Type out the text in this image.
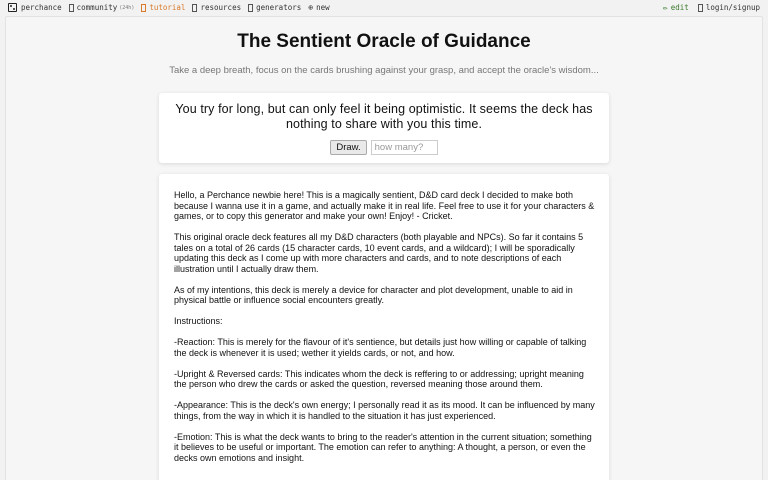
perchance community (24h) tutorial resources generators ⊕ new	✏ edit login/signup
The Sentient Oracle of Guidance
Take a deep breath, focus on the cards brushing against your grasp, and accept the oracle's wisdom...
You try for long, but can only feel it being optimistic. It seems the deck has nothing to share with you this time.
Draw.
how many?

Hello, a Perchance newbie here! This is a magically sentient, D&D card deck I decided to make both because I wanna use it in a game, and actually make it in real life. Feel free to use it for your characters & games, or to copy this generator and make your own! Enjoy! - Cricket.

This original oracle deck features all my D&D characters (both playable and NPCs). So far it contains 5 tales on a total of 26 cards (15 character cards, 10 event cards, and a wildcard); I will be sporadically updating this deck as I come up with more characters and cards, and to note descriptions of each illustration until I actually draw them.

As of my intentions, this deck is merely a device for character and plot development, unable to aid in physical battle or influence social encounters greatly.

Instructions:

-Reaction: This is merely for the flavour of it's sentience, but details just how willing or capable of talking the deck is whenever it is used; wether it yields cards, or not, and how.

-Upright & Reversed cards: This indicates whom the deck is reffering to or addressing; upright meaning the person who drew the cards or asked the question, reversed meaning those around them.

-Appearance: This is the deck's own energy; I personally read it as its mood. It can be influenced by many things, from the way in which it is handled to the situation it has just experienced.

-Emotion: This is what the deck wants to bring to the reader's attention in the current situation; something it believes to be useful or important. The emotion can refer to anything: A thought, a person, or even the decks own emotions and insight.
